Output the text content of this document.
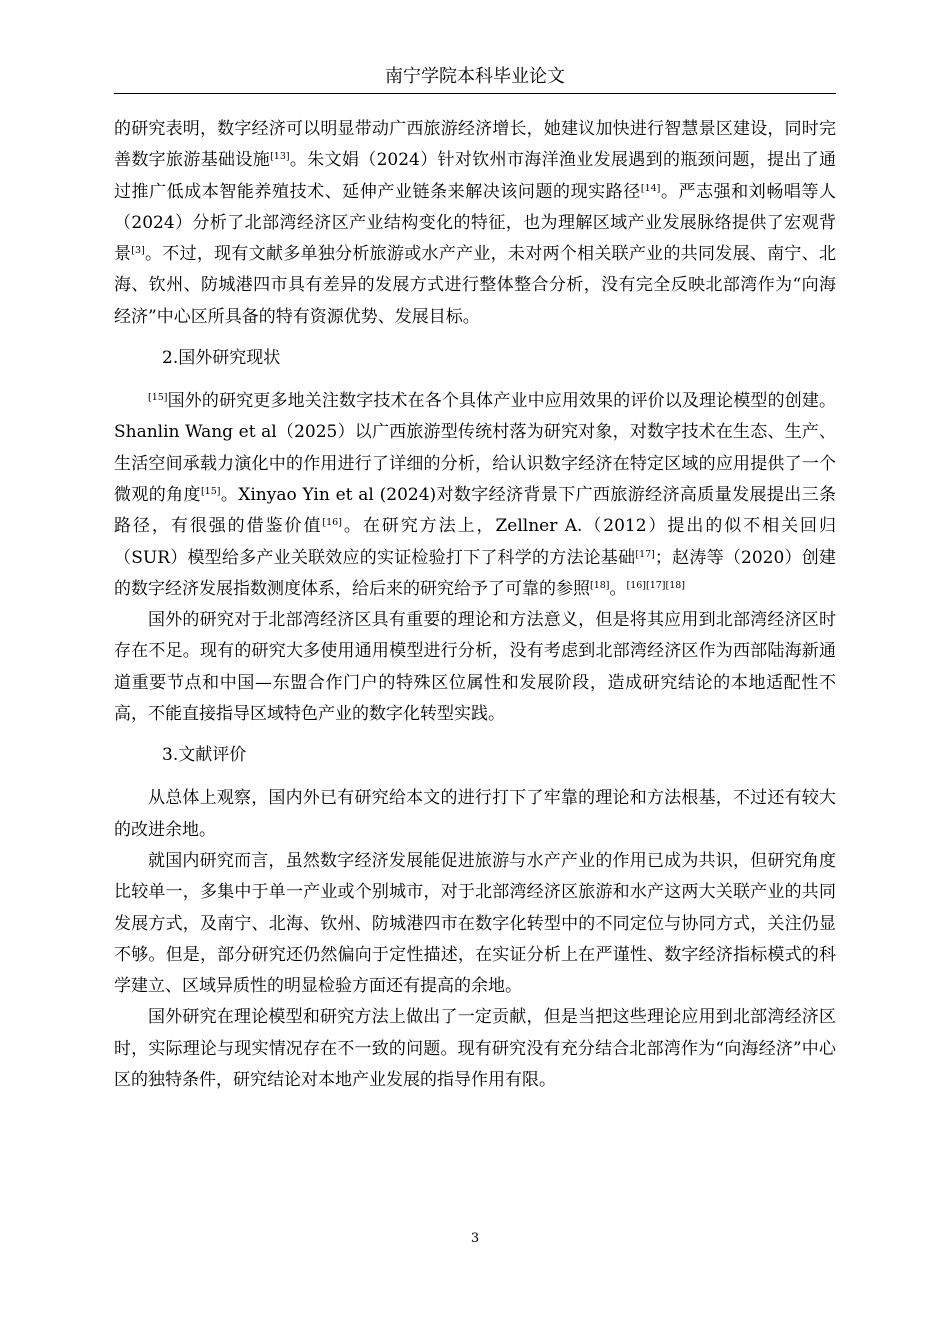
南宁学院本科毕业论文

的研究表明，数字经济可以明显带动广西旅游经济增长，她建议加快进行智慧景区建设，同时完善数字旅游基础设施[13]。朱文娟（2024）针对钦州市海洋渔业发展遇到的瓶颈问题，提出了通过推广低成本智能养殖技术、延伸产业链条来解决该问题的现实路径[14]。严志强和刘畅唱等人（2024）分析了北部湾经济区产业结构变化的特征，也为理解区域产业发展脉络提供了宏观背景[3]。不过，现有文献多单独分析旅游或水产产业，未对两个相关联产业的共同发展、南宁、北海、钦州、防城港四市具有差异的发展方式进行整体整合分析，没有完全反映北部湾作为“向海经济”中心区所具备的特有资源优势、发展目标。

2.国外研究现状

[15]国外的研究更多地关注数字技术在各个具体产业中应用效果的评价以及理论模型的创建。Shanlin Wang et al（2025）以广西旅游型传统村落为研究对象，对数字技术在生态、生产、生活空间承载力演化中的作用进行了详细的分析，给认识数字经济在特定区域的应用提供了一个微观的角度[15]。Xinyao Yin et al (2024)对数字经济背景下广西旅游经济高质量发展提出三条路径，有很强的借鉴价值[16]。在研究方法上，Zellner A.（2012）提出的似不相关回归（SUR）模型给多产业关联效应的实证检验打下了科学的方法论基础[17]；赵涛等（2020）创建的数字经济发展指数测度体系，给后来的研究给予了可靠的参照[18]。[16][17][18]

国外的研究对于北部湾经济区具有重要的理论和方法意义，但是将其应用到北部湾经济区时存在不足。现有的研究大多使用通用模型进行分析，没有考虑到北部湾经济区作为西部陆海新通道重要节点和中国—东盟合作门户的特殊区位属性和发展阶段，造成研究结论的本地适配性不高，不能直接指导区域特色产业的数字化转型实践。

3.文献评价

从总体上观察，国内外已有研究给本文的进行打下了牢靠的理论和方法根基，不过还有较大的改进余地。

就国内研究而言，虽然数字经济发展能促进旅游与水产产业的作用已成为共识，但研究角度比较单一，多集中于单一产业或个别城市，对于北部湾经济区旅游和水产这两大关联产业的共同发展方式，及南宁、北海、钦州、防城港四市在数字化转型中的不同定位与协同方式，关注仍显不够。但是，部分研究还仍然偏向于定性描述，在实证分析上在严谨性、数字经济指标模式的科学建立、区域异质性的明显检验方面还有提高的余地。

国外研究在理论模型和研究方法上做出了一定贡献，但是当把这些理论应用到北部湾经济区时，实际理论与现实情况存在不一致的问题。现有研究没有充分结合北部湾作为“向海经济”中心区的独特条件，研究结论对本地产业发展的指导作用有限。

3
